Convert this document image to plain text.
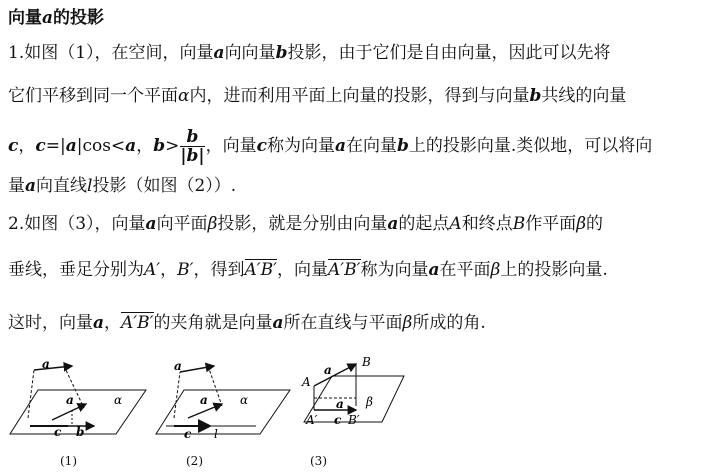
向量a的投影
1.如图（1），在空间，向量a向向量b投影，由于它们是自由向量，因此可以先将
它们平移到同一个平面α内，进而利用平面上向量的投影，得到与向量b共线的向量
c，c=|a|cos<a，$b> \frac{b}{|b|}$ ，向量c称为向量a在向量b上的投影向量.类似地，可以将向
量a向直线l投影（如图（2））.
2.如图（3），向量a向平面β投影，就是分别由向量a的起点A和终点B作平面β的
垂线，垂足分别为A′，B′，得到A′B′，向量A′B′称为向量a在平面β上的投影向量.
这时，向量a，A′B′的夹角就是向量a所在直线与平面β所成的角.
a
a
c b
α
(1)
a
a
c l
α
(2)
A
B
a
a β
A′ c B′
(3)
